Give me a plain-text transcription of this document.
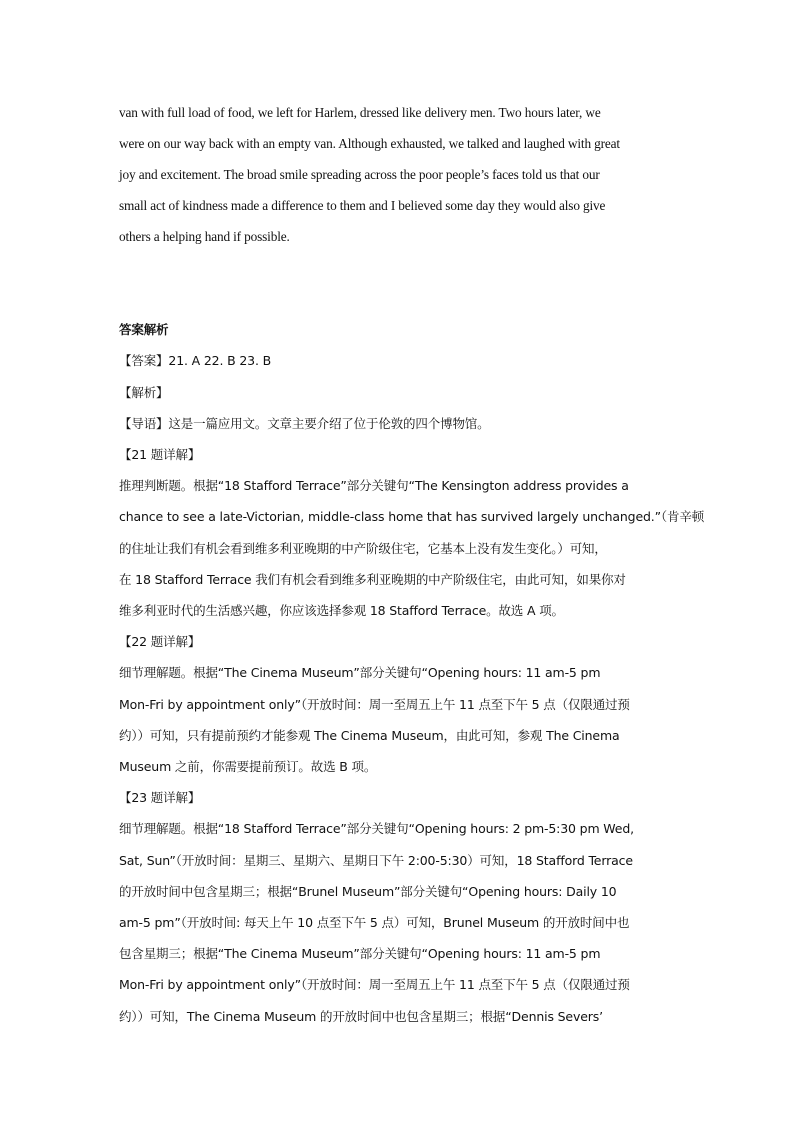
van with full load of food, we left for Harlem, dressed like delivery men. Two hours later, we
were on our way back with an empty van. Although exhausted, we talked and laughed with great
joy and excitement. The broad smile spreading across the poor people’s faces told us that our
small act of kindness made a difference to them and I believed some day they would also give
others a helping hand if possible.
答案解析
【答案】21. A 22. B 23. B
【解析】
【导语】这是一篇应用文。文章主要介绍了位于伦敦的四个博物馆。
【21 题详解】
推理判断题。根据“18 Stafford Terrace”部分关键句“The Kensington address provides a
chance to see a late-Victorian, middle-class home that has survived largely unchanged.”（肯辛顿
的住址让我们有机会看到维多利亚晚期的中产阶级住宅，它基本上没有发生变化。）可知，
在 18 Stafford Terrace 我们有机会看到维多利亚晚期的中产阶级住宅，由此可知，如果你对
维多利亚时代的生活感兴趣，你应该选择参观 18 Stafford Terrace。故选 A 项。
【22 题详解】
细节理解题。根据“The Cinema Museum”部分关键句“Opening hours: 11 am-5 pm
Mon-Fri by appointment only”（开放时间：周一至周五上午 11 点至下午 5 点（仅限通过预
约））可知，只有提前预约才能参观 The Cinema Museum，由此可知，参观 The Cinema
Museum 之前，你需要提前预订。故选 B 项。
【23 题详解】
细节理解题。根据“18 Stafford Terrace”部分关键句“Opening hours: 2 pm-5:30 pm Wed,
Sat, Sun”（开放时间：星期三、星期六、星期日下午 2:00-5:30）可知，18 Stafford Terrace
的开放时间中包含星期三；根据“Brunel Museum”部分关键句“Opening hours: Daily 10
am-5 pm”（开放时间: 每天上午 10 点至下午 5 点）可知，Brunel Museum 的开放时间中也
包含星期三；根据“The Cinema Museum”部分关键句“Opening hours: 11 am-5 pm
Mon-Fri by appointment only”（开放时间：周一至周五上午 11 点至下午 5 点（仅限通过预
约））可知，The Cinema Museum 的开放时间中也包含星期三；根据“Dennis Severs’
